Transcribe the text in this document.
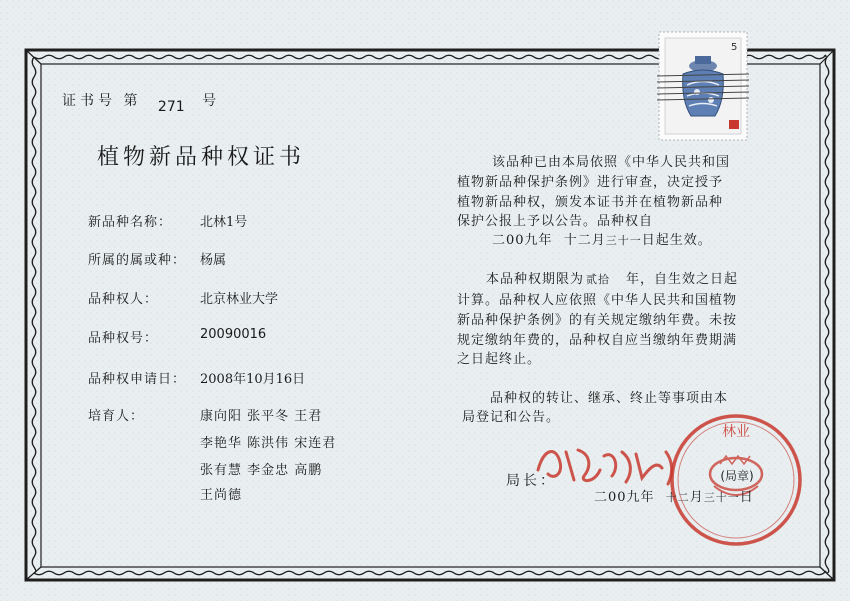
5
证书号 第 271 号
植物新品种权证书
新品种名称： 北林1号
所属的属或种： 杨属
品种权人：	北京林业大学
品种权号：	20090016
品种权申请日： 2008年10月16日
培育人：	康向阳 张平冬 王君
李艳华 陈洪伟 宋连君
张有慧 李金忠 高鹏
王尚德
该品种已由本局依照《中华人民共和国
植物新品种保护条例》进行审查，决定授予
植物新品种权，颁发本证书并在植物新品种
保护公报上予以公告。品种权自
二00九年 十二月三十一日起生效。
本品种权期限为 贰拾 年，自生效之日起
计算。品种权人应依照《中华人民共和国植物
新品种保护条例》的有关规定缴纳年费。未按
规定缴纳年费的，品种权自应当缴纳年费期满
之日起终止。
品种权的转让、继承、终止等事项由本
局登记和公告。
林业
(局章)
局长：
二00九年 十二月三十一日
